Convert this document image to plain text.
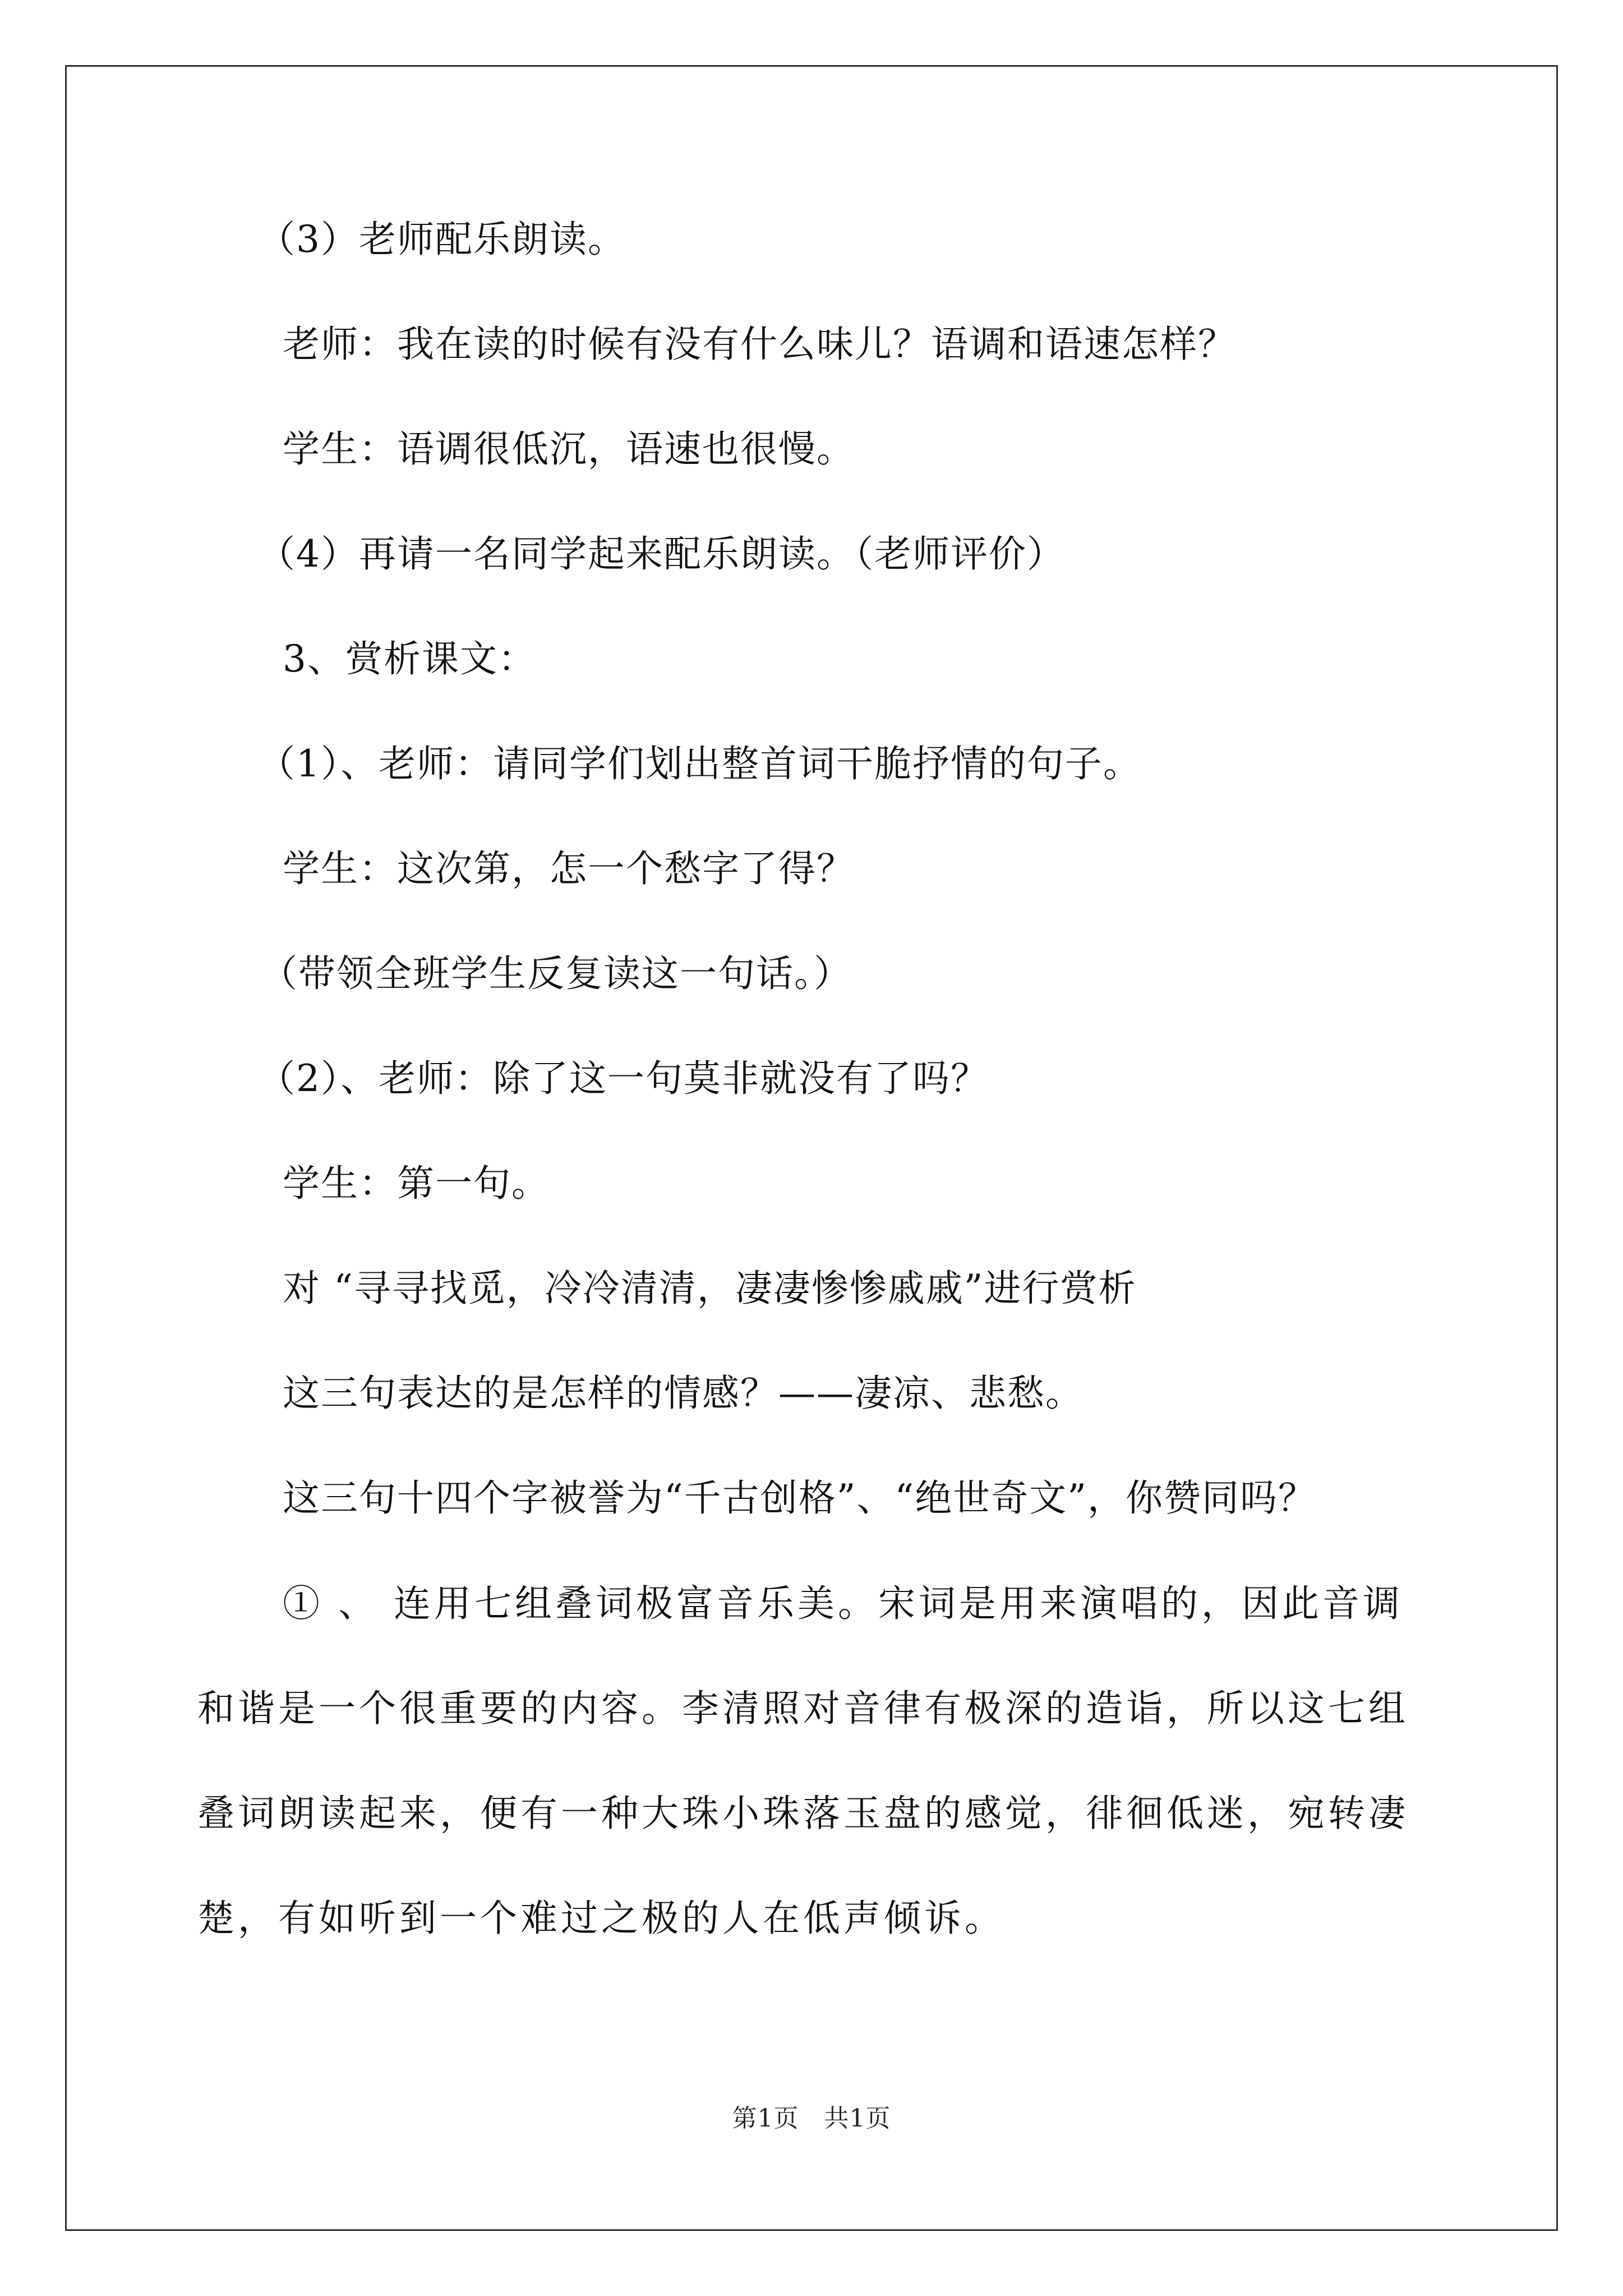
（3）老师配乐朗读。

老师：我在读的时候有没有什么味儿？语调和语速怎样？

学生：语调很低沉，语速也很慢。

（4）再请一名同学起来配乐朗读。（老师评价）

3、赏析课文：

（1）、老师：请同学们划出整首词干脆抒情的句子。

学生：这次第，怎一个愁字了得？

（带领全班学生反复读这一句话。）

（2）、老师：除了这一句莫非就没有了吗？

学生：第一句。

对 “寻寻找觅，冷冷清清，凄凄惨惨戚戚”进行赏析

这三句表达的是怎样的情感？——凄凉、悲愁。

这三句十四个字被誉为“千古创格”、“绝世奇文”，你赞同吗？

① 、 连用七组叠词极富音乐美。宋词是用来演唱的，因此音调和谐是一个很重要的内容。李清照对音律有极深的造诣，所以这七组叠词朗读起来，便有一种大珠小珠落玉盘的感觉，徘徊低迷，宛转凄楚，有如听到一个难过之极的人在低声倾诉。

第1页　共1页
